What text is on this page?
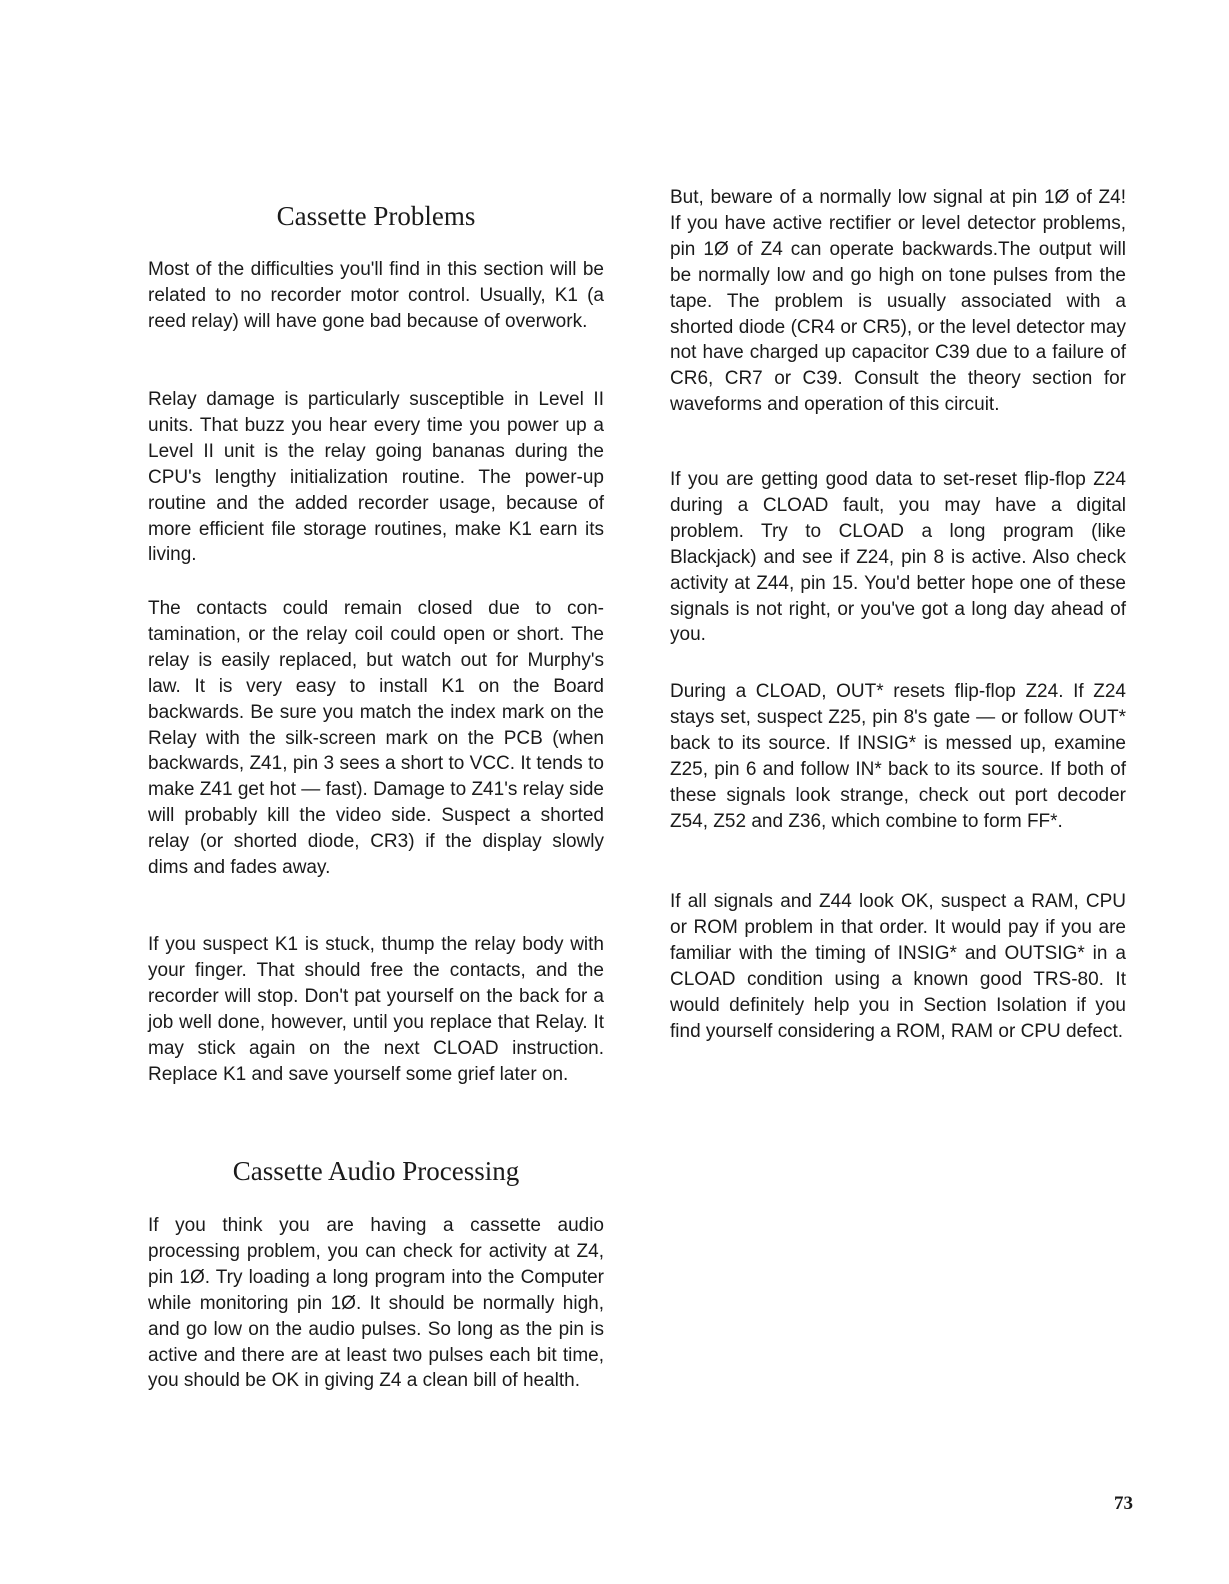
Cassette Problems

Most of the difficulties you'll find in this section will be related to no recorder motor control. Usually, K1 (a reed relay) will have gone bad because of overwork.

Relay damage is particularly susceptible in Level II units. That buzz you hear every time you power up a Level II unit is the relay going bananas during the CPU's lengthy initialization routine. The power-up routine and the added recorder usage, because of more efficient file storage routines, make K1 earn its living.

The contacts could remain closed due to contamination, or the relay coil could open or short. The relay is easily replaced, but watch out for Murphy's law. It is very easy to install K1 on the Board backwards. Be sure you match the index mark on the Relay with the silk-screen mark on the PCB (when backwards, Z41, pin 3 sees a short to VCC. It tends to make Z41 get hot — fast). Damage to Z41's relay side will probably kill the video side. Suspect a shorted relay (or shorted diode, CR3) if the display slowly dims and fades away.

If you suspect K1 is stuck, thump the relay body with your finger. That should free the contacts, and the recorder will stop. Don't pat yourself on the back for a job well done, however, until you replace that Relay. It may stick again on the next CLOAD instruction. Replace K1 and save yourself some grief later on.

Cassette Audio Processing

If you think you are having a cassette audio processing problem, you can check for activity at Z4, pin 1Ø. Try loading a long program into the Computer while monitoring pin 1Ø. It should be normally high, and go low on the audio pulses. So long as the pin is active and there are at least two pulses each bit time, you should be OK in giving Z4 a clean bill of health.

But, beware of a normally low signal at pin 1Ø of Z4! If you have active rectifier or level detector problems, pin 1Ø of Z4 can operate backwards.The output will be normally low and go high on tone pulses from the tape. The problem is usually associated with a shorted diode (CR4 or CR5), or the level detector may not have charged up capacitor C39 due to a failure of CR6, CR7 or C39. Consult the theory section for waveforms and operation of this circuit.

If you are getting good data to set-reset flip-flop Z24 during a CLOAD fault, you may have a digital problem. Try to CLOAD a long program (like Blackjack) and see if Z24, pin 8 is active. Also check activity at Z44, pin 15. You'd better hope one of these signals is not right, or you've got a long day ahead of you.

During a CLOAD, OUT* resets flip-flop Z24. If Z24 stays set, suspect Z25, pin 8's gate — or follow OUT* back to its source. If INSIG* is messed up, examine Z25, pin 6 and follow IN* back to its source. If both of these signals look strange, check out port decoder Z54, Z52 and Z36, which combine to form FF*.

If all signals and Z44 look OK, suspect a RAM, CPU or ROM problem in that order. It would pay if you are familiar with the timing of INSIG* and OUTSIG* in a CLOAD condition using a known good TRS-80. It would definitely help you in Section Isolation if you find yourself considering a ROM, RAM or CPU defect.

73
